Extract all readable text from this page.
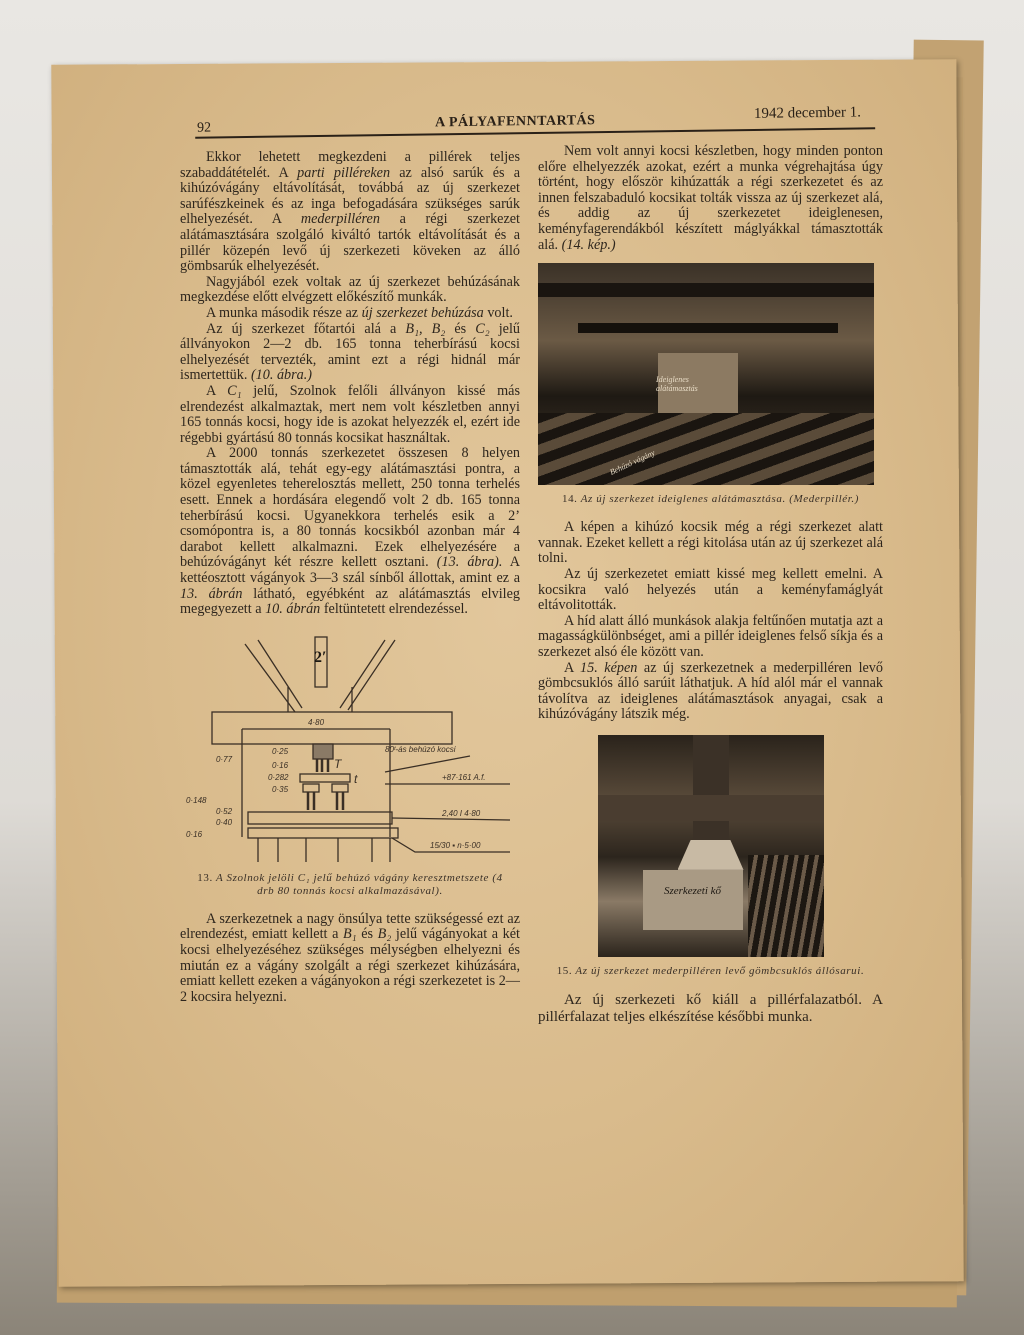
92	A PÁLYAFENNTARTÁS	1942 december 1.

Ekkor lehetett megkezdeni a pillérek teljes szabaddátételét. A parti pilléreken az alsó sarúk és a kihúzóvágány eltávolítását, továbbá az új szerkezet sarúfészkeinek és az inga befogadására szükséges sarúk elhelyezését. A mederpilléren a régi szerkezet alátámasztására szolgáló kiváltó tartók eltávolítását és a pillér közepén levő új szerkezeti köveken az álló gömbsarúk elhelyezését.

Nagyjából ezek voltak az új szerkezet behúzásának megkezdése előtt elvégzett előkészítő munkák.

A munka második része az új szerkezet behúzása volt.

Az új szerkezet főtartói alá a B₁, B₂ és C₂ jelű állványokon 2—2 db. 165 tonna teherbírású kocsi elhelyezését tervezték, amint ezt a régi hidnál már ismertettük. (10. ábra.)

A C₁ jelű, Szolnok felőli állványon kissé más elrendezést alkalmaztak, mert nem volt készletben annyi 165 tonnás kocsi, hogy ide is azokat helyezzék el, ezért ide régebbi gyártású 80 tonnás kocsikat használtak.

A 2000 tonnás szerkezetet összesen 8 helyen támasztották alá, tehát egy-egy alátámasztási pontra, a közel egyenletes teherelosztás mellett, 250 tonna terhelés esett. Ennek a hordására elegendő volt 2 db. 165 tonna teherbírású kocsi. Ugyanekkora terhelés esik a 2’ csomópontra is, a 80 tonnás kocsikból azonban már 4 darabot kellett alkalmazni. Ezek elhelyezésére a behúzóvágányt két részre kellett osztani. (13. ábra). A kettéosztott vágányok 3—3 szál sínből állottak, amint ez a 13. ábrán látható, egyébként az alátámasztás elvileg megegyezett a 10. ábrán feltüntetett elrendezéssel.

2′
4·80
0·25
0·77
0·16
0·282
0·35
0·148
0·52
0·40
0·16
T
t
80ᵗ-ás behúzó kocsi
+87·161 A.f.
2,40 I 4·80
15/30 ▪ n·5·00
13. A Szolnok jelöli C₁ jelű behúzó vágány keresztmetszete (4 drb 80 tonnás kocsi alkalmazásával).

A szerkezetnek a nagy önsúlya tette szükségessé ezt az elrendezést, emiatt kellett a B₁ és B₂ jelű vágányokat a két kocsi elhelyezéséhez szükséges mélységben elhelyezni és miután ez a vágány szolgált a régi szerkezet kihúzására, emiatt kellett ezeken a vágányokon a régi szerkezetet is 2—2 kocsira helyezni.

Nem volt annyi kocsi készletben, hogy minden ponton előre elhelyezzék azokat, ezért a munka végrehajtása úgy történt, hogy először kihúzatták a régi szerkezetet és az innen felszabaduló kocsikat tolták vissza az új szerkezet alá, és addig az új szerkezetet ideiglenesen, keményfagerendákból készített máglyákkal támasztották alá. (14. kép.)

Ideiglenes alátámasztás
Behúzó vágány
14. Az új szerkezet ideiglenes alátámasztása. (Mederpillér.)

A képen a kihúzó kocsik még a régi szerkezet alatt vannak. Ezeket kellett a régi kitolása után az új szerkezet alá tolni.

Az új szerkezetet emiatt kissé meg kellett emelni. A kocsikra való helyezés után a keményfamáglyát eltávolitották.

A híd alatt álló munkások alakja feltűnően mutatja azt a magasságkülönbséget, ami a pillér ideiglenes felső síkja és a szerkezet alsó éle között van.

A 15. képen az új szerkezetnek a mederpilléren levő gömbcsuklós álló sarúit láthatjuk. A híd alól már el vannak távolítva az ideiglenes alátámasztások anyagai, csak a kihúzóvágány látszik még.

Szerkezeti kő
15. Az új szerkezet mederpilléren levő gömbcsuklós állósarui.

Az új szerkezeti kő kiáll a pillérfalazatból. A pillérfalazat teljes elkészítése későbbi munka.
